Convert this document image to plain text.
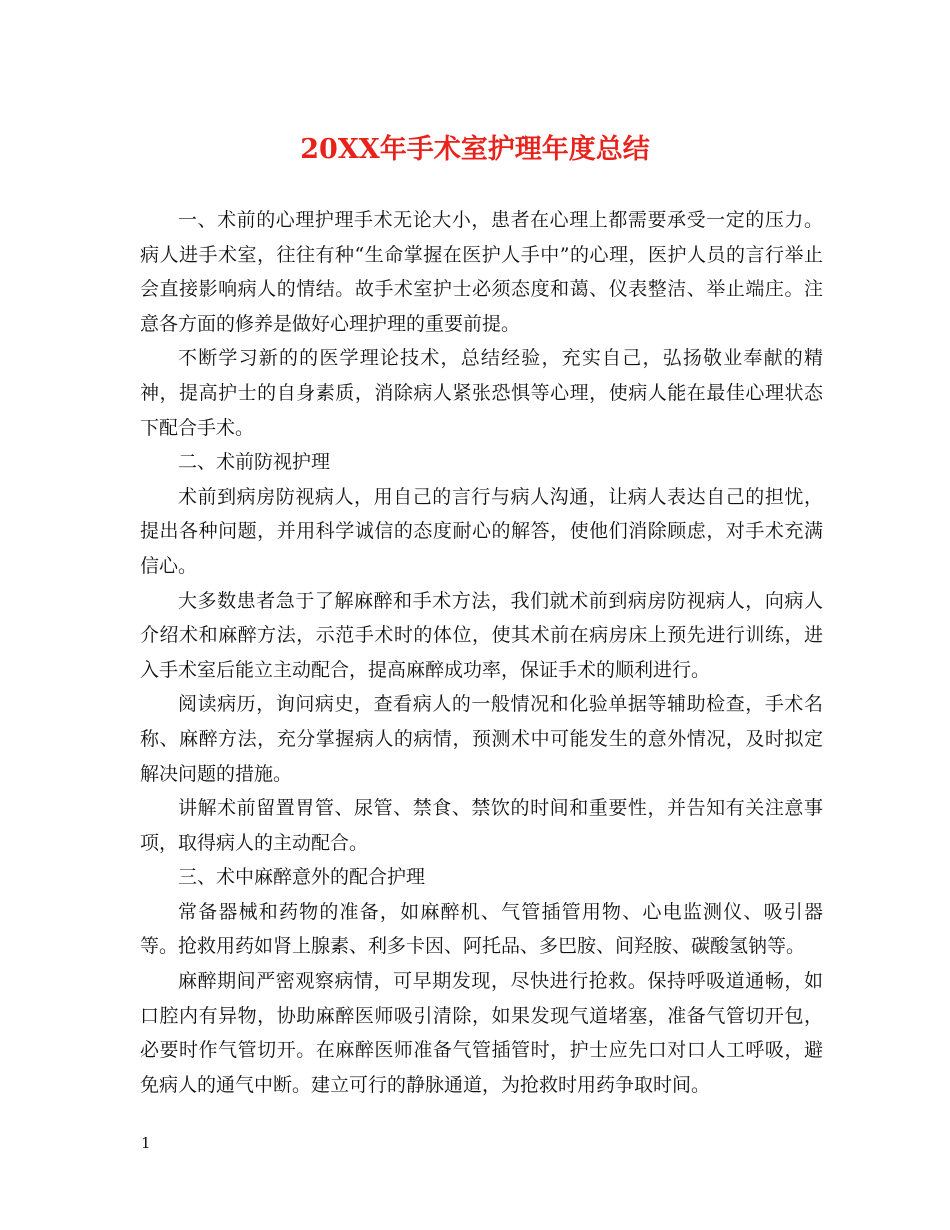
20XX年手术室护理年度总结

一、术前的心理护理手术无论大小，患者在心理上都需要承受一定的压力。病人进手术室，往往有种“生命掌握在医护人手中”的心理，医护人员的言行举止会直接影响病人的情结。故手术室护士必须态度和蔼、仪表整洁、举止端庄。注意各方面的修养是做好心理护理的重要前提。

不断学习新的的医学理论技术，总结经验，充实自己，弘扬敬业奉献的精神，提高护士的自身素质，消除病人紧张恐惧等心理，使病人能在最佳心理状态下配合手术。

二、术前防视护理

术前到病房防视病人，用自己的言行与病人沟通，让病人表达自己的担忧，提出各种问题，并用科学诚信的态度耐心的解答，使他们消除顾虑，对手术充满信心。

大多数患者急于了解麻醉和手术方法，我们就术前到病房防视病人，向病人介绍术和麻醉方法，示范手术时的体位，使其术前在病房床上预先进行训练，进入手术室后能立主动配合，提高麻醉成功率，保证手术的顺利进行。

阅读病历，询问病史，查看病人的一般情况和化验单据等辅助检查，手术名称、麻醉方法，充分掌握病人的病情，预测术中可能发生的意外情况，及时拟定解决问题的措施。

讲解术前留置胃管、尿管、禁食、禁饮的时间和重要性，并告知有关注意事项，取得病人的主动配合。

三、术中麻醉意外的配合护理

常备器械和药物的准备，如麻醉机、气管插管用物、心电监测仪、吸引器等。抢救用药如肾上腺素、利多卡因、阿托品、多巴胺、间羟胺、碳酸氢钠等。

麻醉期间严密观察病情，可早期发现，尽快进行抢救。保持呼吸道通畅，如口腔内有异物，协助麻醉医师吸引清除，如果发现气道堵塞，准备气管切开包，必要时作气管切开。在麻醉医师准备气管插管时，护士应先口对口人工呼吸，避免病人的通气中断。建立可行的静脉通道，为抢救时用药争取时间。

1
